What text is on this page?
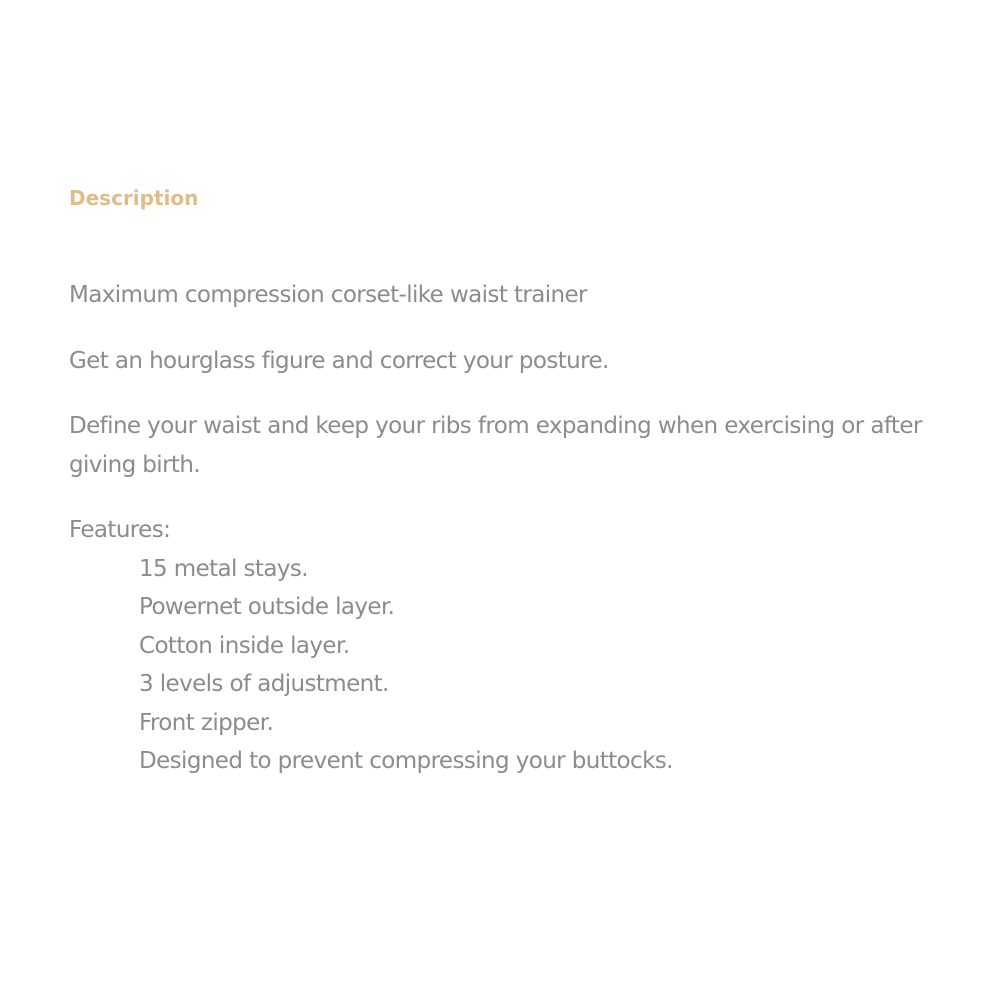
Description

Maximum compression corset-like waist trainer

Get an hourglass figure and correct your posture.

Define your waist and keep your ribs from expanding when exercising or after giving birth.

Features:
15 metal stays.
Powernet outside layer.
Cotton inside layer.
3 levels of adjustment.
Front zipper.
Designed to prevent compressing your buttocks.
